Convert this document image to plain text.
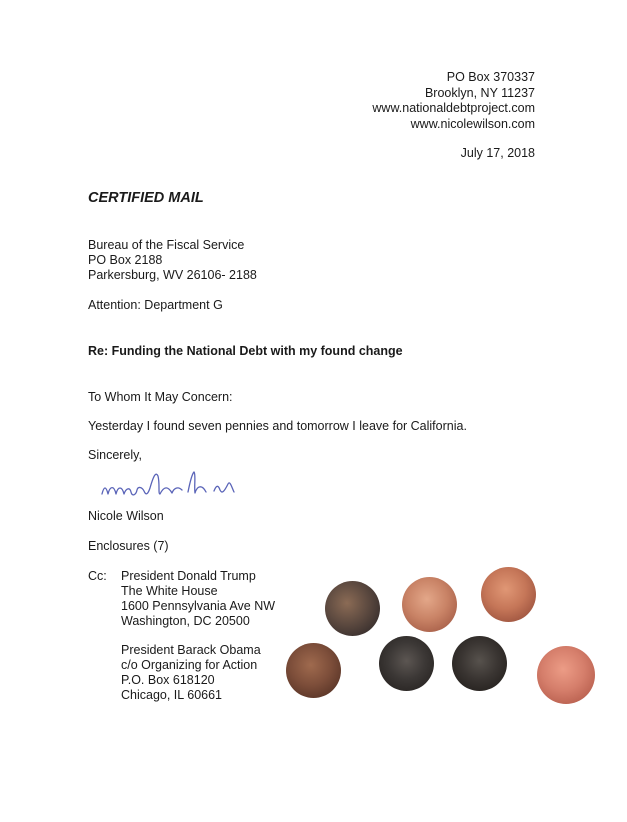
PO Box 370337
Brooklyn, NY 11237
www.nationaldebtproject.com
www.nicolewilson.com
July 17, 2018
CERTIFIED MAIL
Bureau of the Fiscal Service
PO Box 2188
Parkersburg, WV 26106- 2188
Attention: Department G
Re: Funding the National Debt with my found change
To Whom It May Concern:
Yesterday I found seven pennies and tomorrow I leave for California.
Sincerely,
Nicole Wilson
Enclosures (7)
Cc: President Donald Trump
The White House
1600 Pennsylvania Ave NW
Washington, DC 20500
President Barack Obama
c/o Organizing for Action
P.O. Box 618120
Chicago, IL 60661
